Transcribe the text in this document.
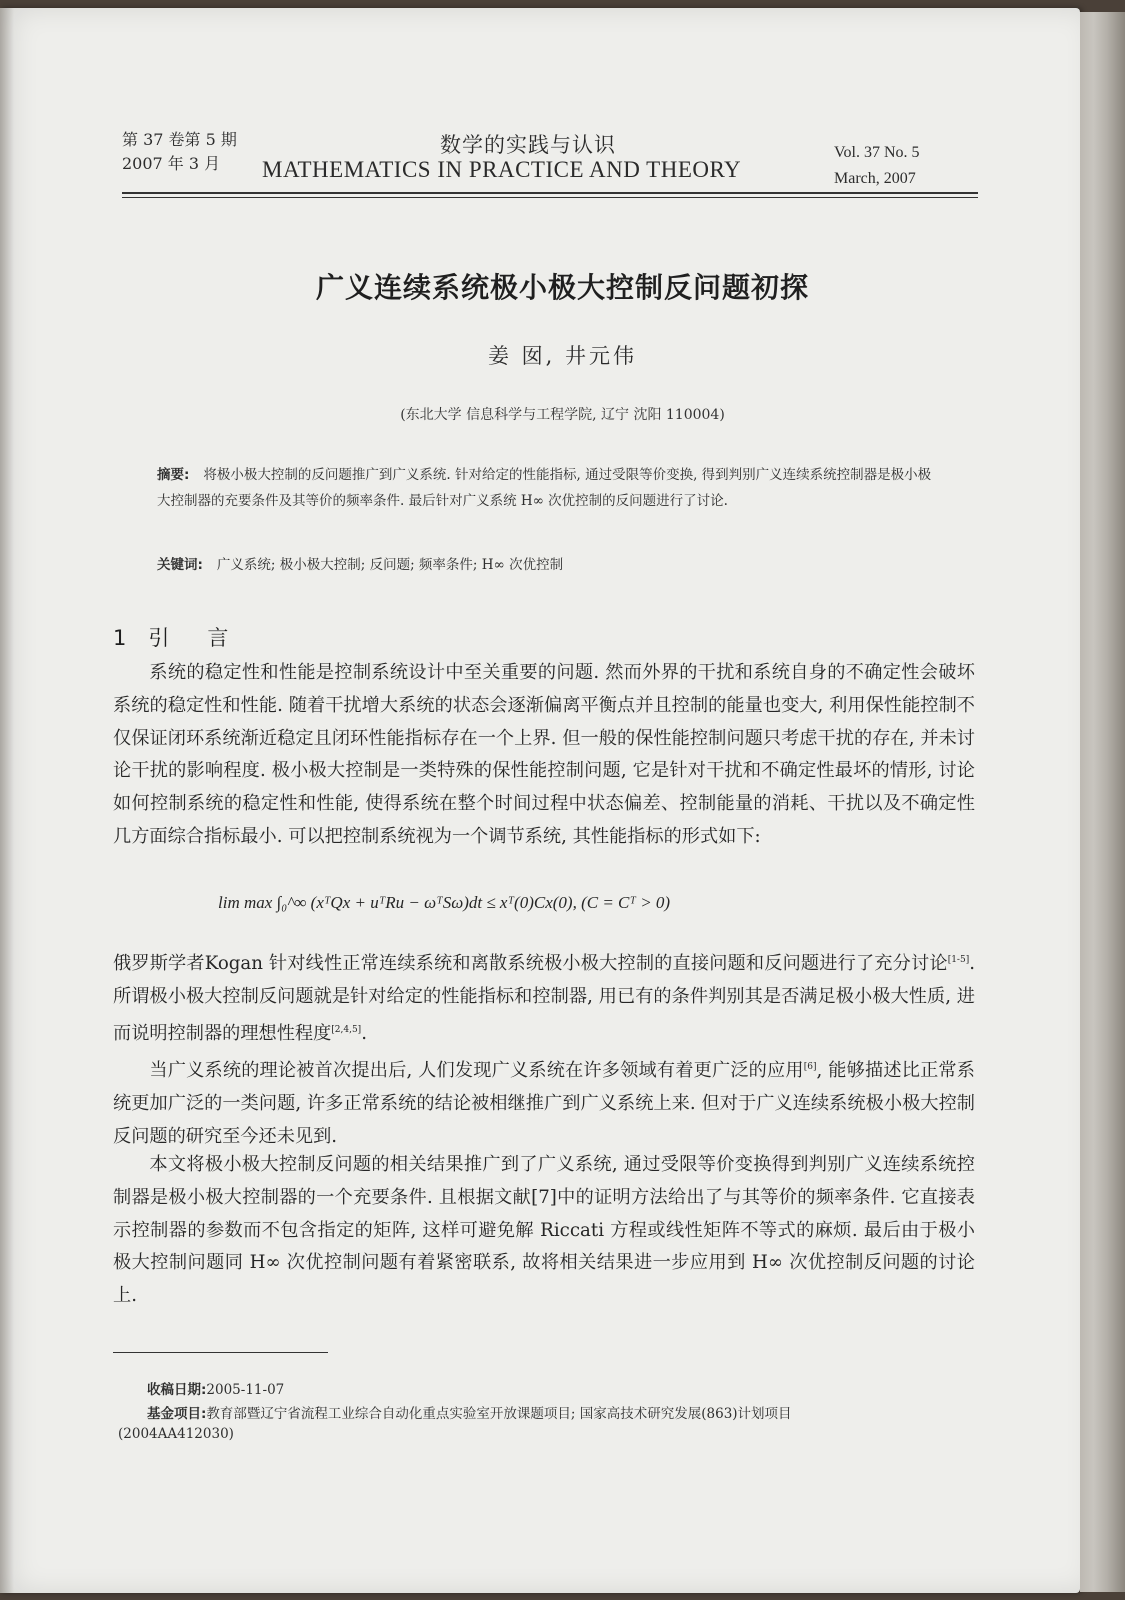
第 37 卷第 5 期
2007 年 3 月
数学的实践与认识
MATHEMATICS IN PRACTICE AND THEORY
Vol. 37 No. 5
March, 2007
广义连续系统极小极大控制反问题初探
姜 囡, 井元伟
(东北大学 信息科学与工程学院, 辽宁 沈阳 110004)
摘要: 将极小极大控制的反问题推广到广义系统. 针对给定的性能指标, 通过受限等价变换, 得到判别广义连续系统控制器是极小极大控制器的充要条件及其等价的频率条件. 最后针对广义系统 H∞ 次优控制的反问题进行了讨论.
关键词: 广义系统; 极小极大控制; 反问题; 频率条件; H∞ 次优控制
1 引言
系统的稳定性和性能是控制系统设计中至关重要的问题. 然而外界的干扰和系统自身的不确定性会破坏系统的稳定性和性能. 随着干扰增大系统的状态会逐渐偏离平衡点并且控制的能量也变大, 利用保性能控制不仅保证闭环系统渐近稳定且闭环性能指标存在一个上界. 但一般的保性能控制问题只考虑干扰的存在, 并未讨论干扰的影响程度. 极小极大控制是一类特殊的保性能控制问题, 它是针对干扰和不确定性最坏的情形, 讨论如何控制系统的稳定性和性能, 使得系统在整个时间过程中状态偏差、控制能量的消耗、干扰以及不确定性几方面综合指标最小. 可以把控制系统视为一个调节系统, 其性能指标的形式如下:
lim max ∫₀^∞ (xᵀQx + uᵀRu − ωᵀSω)dt ≤ xᵀ(0)Cx(0), (C = Cᵀ > 0)
俄罗斯学者Kogan 针对线性正常连续系统和离散系统极小极大控制的直接问题和反问题进行了充分讨论[1-5]. 所谓极小极大控制反问题就是针对给定的性能指标和控制器, 用已有的条件判别其是否满足极小极大性质, 进而说明控制器的理想性程度[2,4,5].
当广义系统的理论被首次提出后, 人们发现广义系统在许多领域有着更广泛的应用[6], 能够描述比正常系统更加广泛的一类问题, 许多正常系统的结论被相继推广到广义系统上来. 但对于广义连续系统极小极大控制反问题的研究至今还未见到.
本文将极小极大控制反问题的相关结果推广到了广义系统, 通过受限等价变换得到判别广义连续系统控制器是极小极大控制器的一个充要条件. 且根据文献[7]中的证明方法给出了与其等价的频率条件. 它直接表示控制器的参数而不包含指定的矩阵, 这样可避免解 Riccati 方程或线性矩阵不等式的麻烦. 最后由于极小极大控制问题同 H∞ 次优控制问题有着紧密联系, 故将相关结果进一步应用到 H∞ 次优控制反问题的讨论上.
收稿日期:2005-11-07
基金项目:教育部暨辽宁省流程工业综合自动化重点实验室开放课题项目; 国家高技术研究发展(863)计划项目
(2004AA412030)
